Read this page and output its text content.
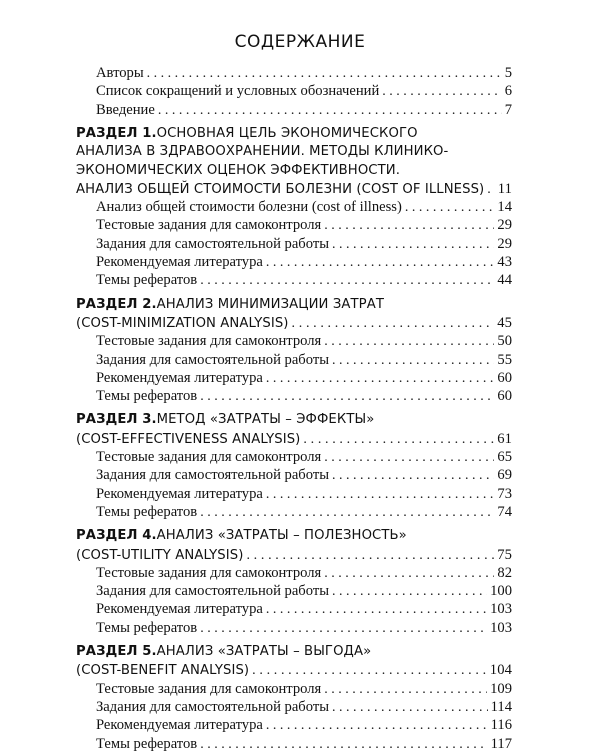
СОДЕРЖАНИЕ
Авторы . . .	5
Список сокращений и условных обозначений . . .	6
Введение . . .	7
РАЗДЕЛ 1. ОСНОВНАЯ ЦЕЛЬ ЭКОНОМИЧЕСКОГО
АНАЛИЗА В ЗДРАВООХРАНЕНИИ. МЕТОДЫ КЛИНИКО-
ЭКОНОМИЧЕСКИХ ОЦЕНОК ЭФФЕКТИВНОСТИ.
АНАЛИЗ ОБЩЕЙ СТОИМОСТИ БОЛЕЗНИ (COST OF ILLNESS) . . . 11
Анализ общей стоимости болезни (cost of illness) . . .	14
Тестовые задания для самоконтроля . . .	29
Задания для самостоятельной работы . . .	29
Рекомендуемая литература . . .	43
Темы рефератов . . .	44
РАЗДЕЛ 2. АНАЛИЗ МИНИМИЗАЦИИ ЗАТРАТ
(COST-MINIMIZATION ANALYSIS) . . .	45
Тестовые задания для самоконтроля . . .	50
Задания для самостоятельной работы . . .	55
Рекомендуемая литература . . .	60
Темы рефератов . . .	60
РАЗДЕЛ 3. МЕТОД «ЗАТРАТЫ – ЭФФЕКТЫ»
(COST-EFFECTIVENESS ANALYSIS) . . .	61
Тестовые задания для самоконтроля . . .	65
Задания для самостоятельной работы . . .	69
Рекомендуемая литература . . .	73
Темы рефератов . . .	74
РАЗДЕЛ 4. АНАЛИЗ «ЗАТРАТЫ – ПОЛЕЗНОСТЬ»
(COST-UTILITY ANALYSIS) . . .	75
Тестовые задания для самоконтроля . . .	82
Задания для самостоятельной работы . . .	100
Рекомендуемая литература . . .	103
Темы рефератов . . .	103
РАЗДЕЛ 5. АНАЛИЗ «ЗАТРАТЫ – ВЫГОДА»
(COST-BENEFIT ANALYSIS) . . .	104
Тестовые задания для самоконтроля . . .	109
Задания для самостоятельной работы . . .	114
Рекомендуемая литература . . .	116
Темы рефератов . . .	117
